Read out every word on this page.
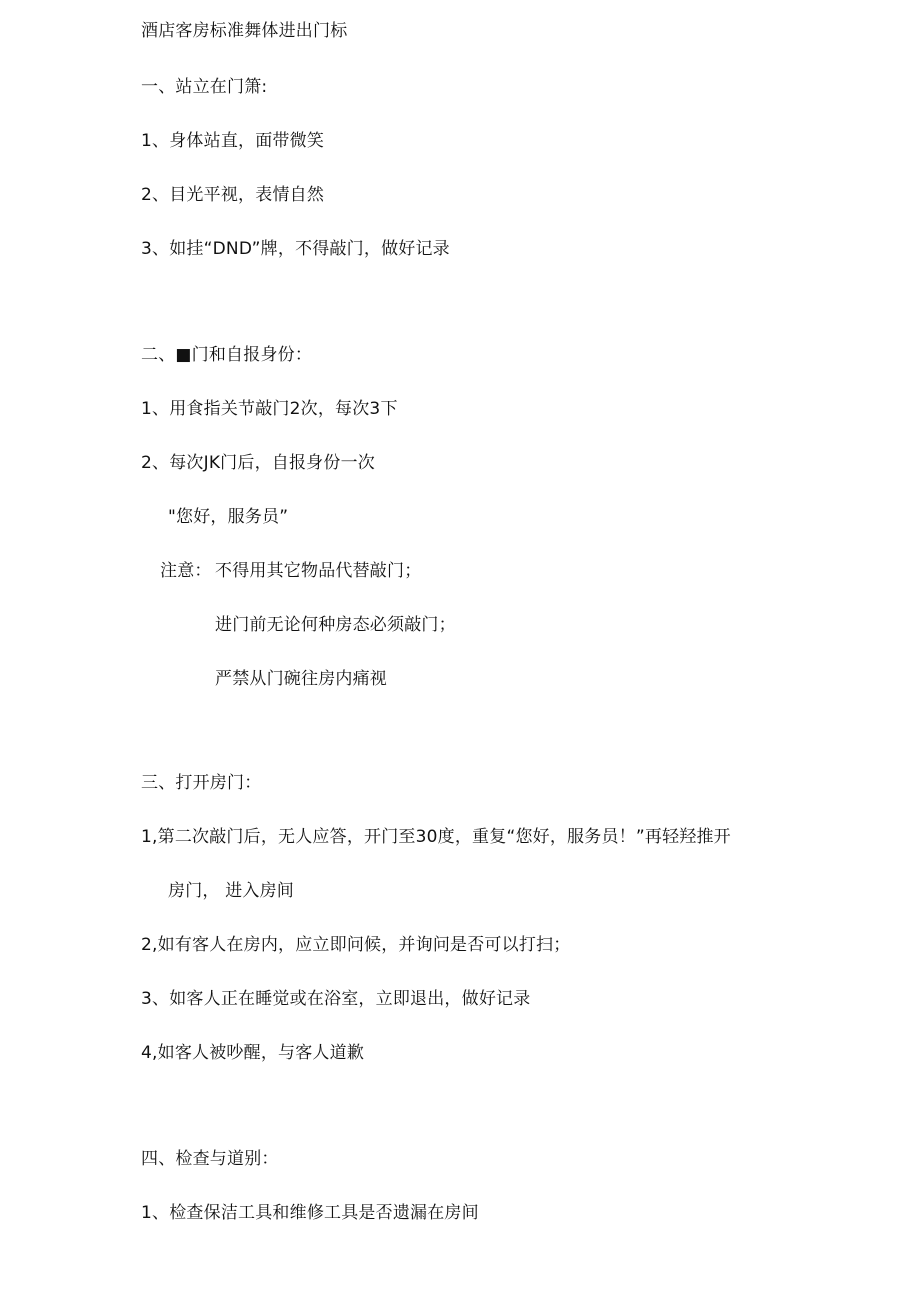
酒店客房标准舞体进出门标
一、站立在门箫:
1、身体站直，面带微笑
2、目光平视，表情自然
3、如挂“DND”牌，不得敲门，做好记录
二、■门和自报身份：
1、用食指关节敲门2次，每次3下
2、每次JK门后，自报身份一次
"您好，服务员”
注意： 不得用其它物品代替敲门；
进门前无论何种房态必须敲门；
严禁从门碗往房内痛视
三、打开房门：
1,第二次敲门后，无人应答，开门至30度，重复“您好，服务员！”再轻羟推开
房门， 进入房间
2,如有客人在房内，应立即问候，并询问是否可以打扫；
3、如客人正在睡觉或在浴室，立即退出，做好记录
4,如客人被吵醒，与客人道歉
四、检查与道别：
1、检查保洁工具和维修工具是否遗漏在房间
